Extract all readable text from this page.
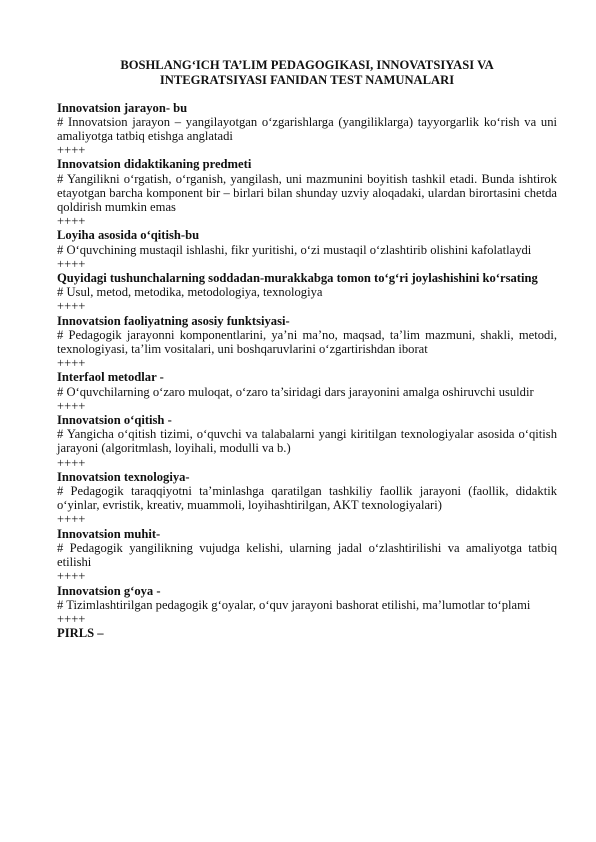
BOSHLANG‘ICH TA’LIM PEDAGOGIKASI, INNOVATSIYASI VA INTEGRATSIYASI FANIDAN TEST NAMUNALARI
Innovatsion jarayon- bu
# Innovatsion jarayon – yangilayotgan o‘zgarishlarga (yangiliklarga) tayyorgarlik ko‘rish va uni amaliyotga tatbiq etishga anglatadi
++++
Innovatsion didaktikaning predmeti
# Yangilikni o‘rgatish, o‘rganish, yangilash, uni mazmunini boyitish tashkil etadi. Bunda ishtirok etayotgan barcha komponent bir – birlari bilan shunday uzviy aloqadaki, ulardan birortasini chetda qoldirish mumkin emas
++++
Loyiha asosida o‘qitish-bu
# O‘quvchining mustaqil ishlashi, fikr yuritishi, o‘zi mustaqil o‘zlashtirib olishini kafolatlaydi
++++
Quyidagi tushunchalarning soddadan-murakkabga tomon to‘g‘ri joylashishini ko‘rsating
# Usul, metod, metodika, metodologiya, texnologiya
++++
Innovatsion faoliyatning asosiy funktsiyasi-
# Pedagogik jarayonni komponentlarini, ya’ni ma’no, maqsad, ta’lim mazmuni, shakli, metodi, texnologiyasi, ta’lim vositalari, uni boshqaruvlarini o‘zgartirishdan iborat
++++
Interfaol metodlar -
# O‘quvchilarning o‘zaro muloqat, o‘zaro ta’siridagi dars jarayonini amalga oshiruvchi usuldir
++++
Innovatsion o‘qitish -
# Yangicha o‘qitish tizimi, o‘quvchi va talabalarni yangi kiritilgan texnologiyalar asosida o‘qitish jarayoni (algoritmlash, loyihali, modulli va b.)
++++
Innovatsion texnologiya-
# Pedagogik taraqqiyotni ta’minlashga qaratilgan tashkiliy faollik jarayoni (faollik, didaktik o‘yinlar, evristik, kreativ, muammoli, loyihashtirilgan, AKT texnologiyalari)
++++
Innovatsion muhit-
# Pedagogik yangilikning vujudga kelishi, ularning jadal o‘zlashtirilishi va amaliyotga tatbiq etilishi
++++
Innovatsion gʻoya -
# Tizimlashtirilgan pedagogik g‘oyalar, o‘quv jarayoni bashorat etilishi, ma’lumotlar to‘plami
++++
PIRLS –
